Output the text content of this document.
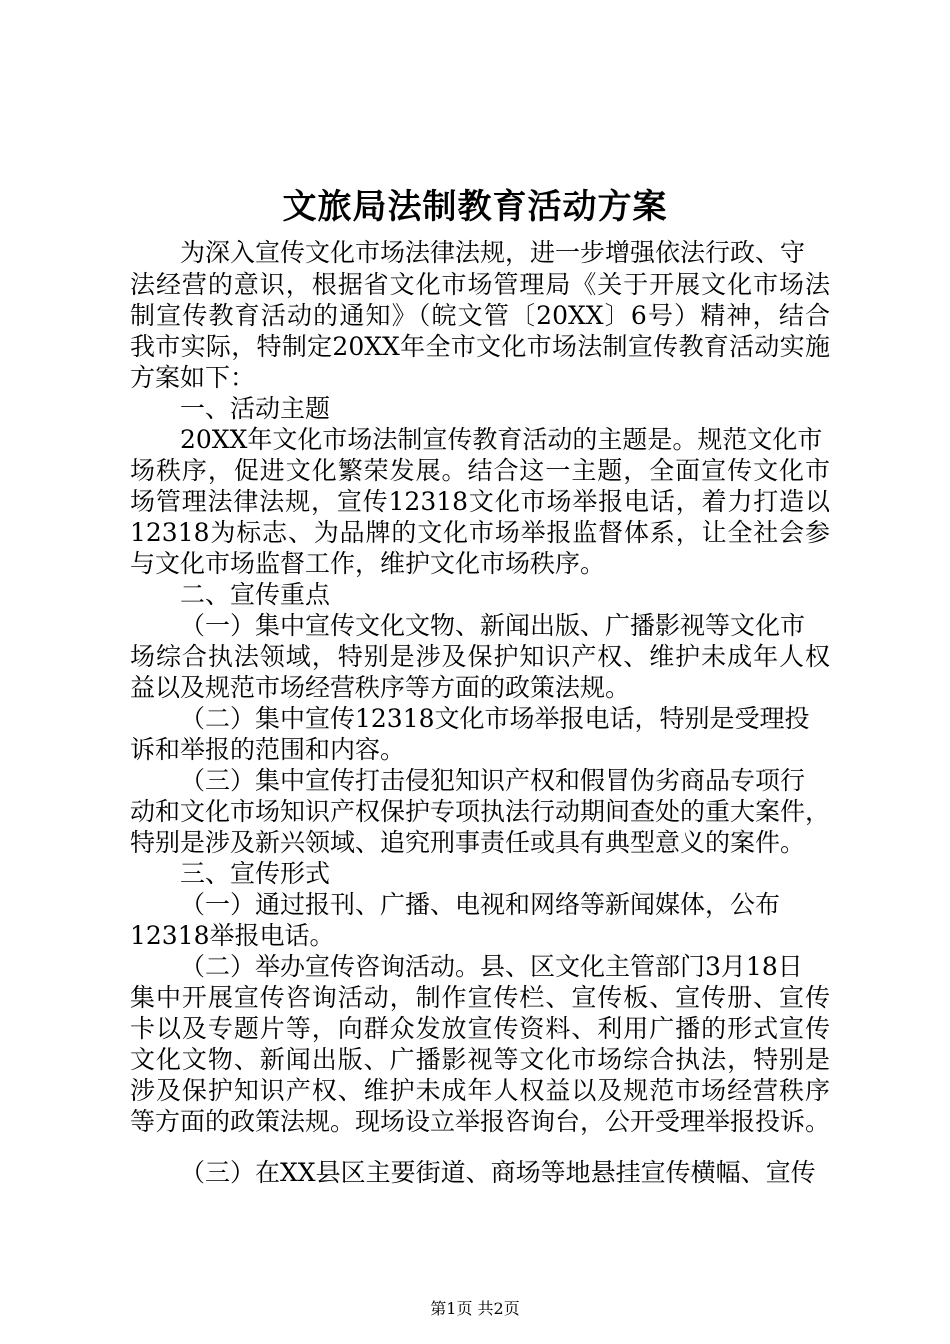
文旅局法制教育活动方案
为深入宣传文化市场法律法规，进一步增强依法行政、守
法经营的意识，根据省文化市场管理局《关于开展文化市场法
制宣传教育活动的通知》（皖文管〔20XX〕6号）精神，结合
我市实际，特制定20XX年全市文化市场法制宣传教育活动实施
方案如下：
一、活动主题
20XX年文化市场法制宣传教育活动的主题是。规范文化市
场秩序，促进文化繁荣发展。结合这一主题，全面宣传文化市
场管理法律法规，宣传12318文化市场举报电话，着力打造以
12318为标志、为品牌的文化市场举报监督体系，让全社会参
与文化市场监督工作，维护文化市场秩序。
二、宣传重点
（一）集中宣传文化文物、新闻出版、广播影视等文化市
场综合执法领域，特别是涉及保护知识产权、维护未成年人权
益以及规范市场经营秩序等方面的政策法规。
（二）集中宣传12318文化市场举报电话，特别是受理投
诉和举报的范围和内容。
（三）集中宣传打击侵犯知识产权和假冒伪劣商品专项行
动和文化市场知识产权保护专项执法行动期间查处的重大案件，
特别是涉及新兴领域、追究刑事责任或具有典型意义的案件。
三、宣传形式
（一）通过报刊、广播、电视和网络等新闻媒体，公布
12318举报电话。
（二）举办宣传咨询活动。县、区文化主管部门3月18日
集中开展宣传咨询活动，制作宣传栏、宣传板、宣传册、宣传
卡以及专题片等，向群众发放宣传资料、利用广播的形式宣传
文化文物、新闻出版、广播影视等文化市场综合执法，特别是
涉及保护知识产权、维护未成年人权益以及规范市场经营秩序
等方面的政策法规。现场设立举报咨询台，公开受理举报投诉。
（三）在XX县区主要街道、商场等地悬挂宣传横幅、宣传
第1页 共2页
